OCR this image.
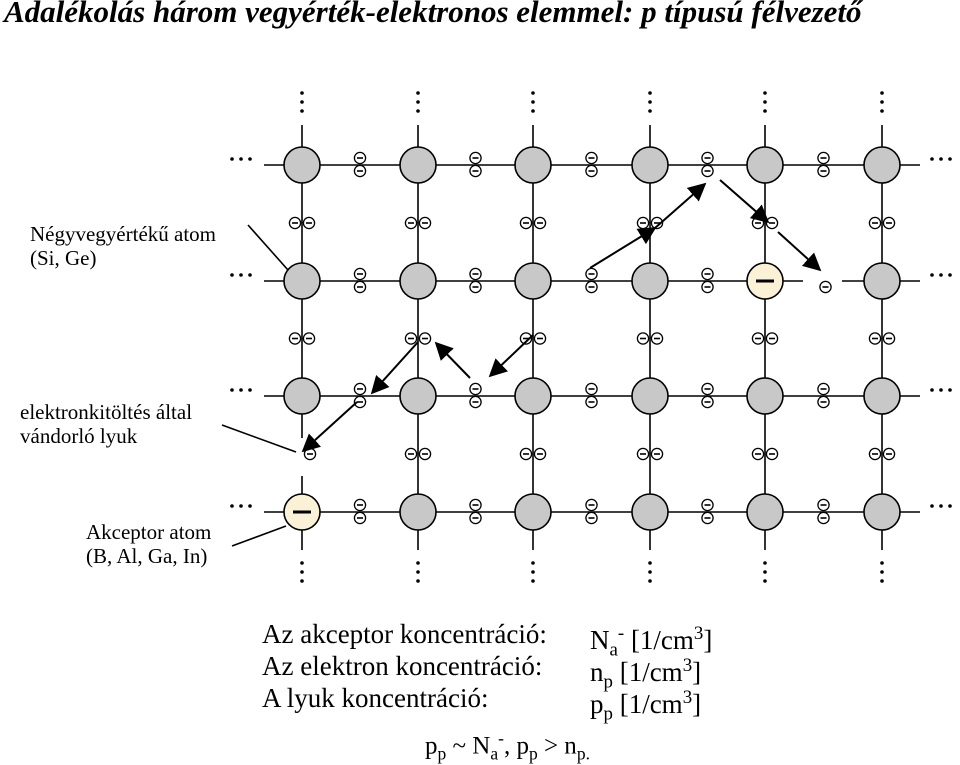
Adalékolás három vegyérték-elektronos elemmel: p típusú félvezető
Négyvegyértékű atom
(Si, Ge)
elektronkitöltés által
vándorló lyuk
Akceptor atom
(B, Al, Ga, In)
Az akceptor koncentráció: $N_a^-$ $[1/cm^3]$
Az elektron koncentráció: $n_p$ $[1/cm^3]$
A lyuk koncentráció:	$p_p$ $[1/cm^3]$
$p_p$ ~ $N_a^-$, $p_p > n_{p.}$
